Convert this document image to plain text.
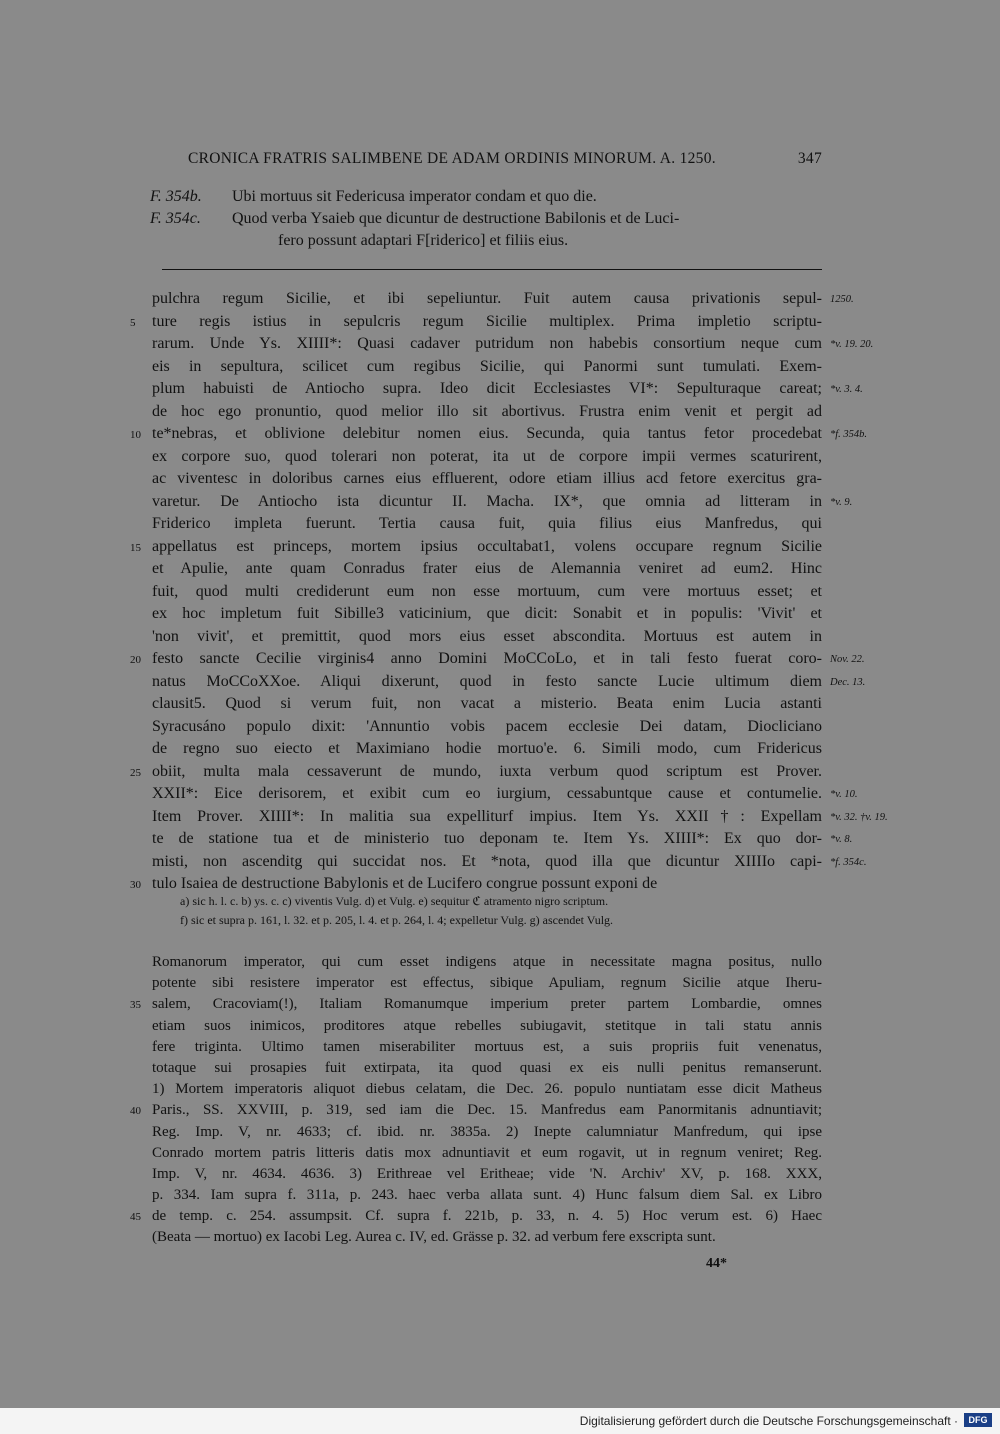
CRONICA FRATRIS SALIMBENE DE ADAM ORDINIS MINORUM. A. 1250.	347
F. 354b.	Ubi mortuus sit Federicusa imperator condam et quo die.
F. 354c.	Quod verba Ysaieb que dicuntur de destructione Babilonis et de Luci-
fero possunt adaptari F[riderico] et filiis eius.
pulchra regum Sicilie, et ibi sepeliuntur. Fuit autem causa privationis sepul- 1250.
ture regis istius in sepulcris regum Sicilie multiplex. Prima impletio scriptu-
5
rarum. Unde Ys. XIIII*: Quasi cadaver putridum non habebis consortium neque cum *v. 19. 20.
eis in sepultura, scilicet cum regibus Sicilie, qui Panormi sunt tumulati. Exem-
plum habuisti de Antiocho supra. Ideo dicit Ecclesiastes VI*: Sepulturaque careat; *v. 3. 4.
de hoc ego pronuntio, quod melior illo sit abortivus. Frustra enim venit et pergit ad
te*nebras, et oblivione delebitur nomen eius. Secunda, quia tantus fetor procedebat
10	*f. 354b.
ex corpore suo, quod tolerari non poterat, ita ut de corpore impii vermes scaturirent,
ac viventesc in doloribus carnes eius effluerent, odore etiam illius acd fetore exercitus gra-
varetur. De Antiocho ista dicuntur II. Macha. IX*, que omnia ad litteram in *v. 9.
Friderico impleta fuerunt. Tertia causa fuit, quia filius eius Manfredus, qui
appellatus est princeps, mortem ipsius occultabat1, volens occupare regnum Sicilie
15
et Apulie, ante quam Conradus frater eius de Alemannia veniret ad eum2. Hinc
fuit, quod multi crediderunt eum non esse mortuum, cum vere mortuus esset; et
ex hoc impletum fuit Sibille3 vaticinium, que dicit: Sonabit et in populis: 'Vivit' et
'non vivit', et premittit, quod mors eius esset abscondita. Mortuus est autem in
festo sancte Cecilie virginis4 anno Domini MoCCoLo, et in tali festo fuerat coro-
20	Nov. 22.
natus MoCCoXXoe. Aliqui dixerunt, quod in festo sancte Lucie ultimum diem Dec. 13.
clausit5. Quod si verum fuit, non vacat a misterio. Beata enim Lucia astanti
Syracusáno populo dixit: 'Annuntio vobis pacem ecclesie Dei datam, Diocliciano
de regno suo eiecto et Maximiano hodie mortuo'e. 6. Simili modo, cum Fridericus
obiit, multa mala cessaverunt de mundo, iuxta verbum quod scriptum est Prover.
25
XXII*: Eice derisorem, et exibit cum eo iurgium, cessabuntque cause et contumelie. *v. 10.
Item Prover. XIIII*: In malitia sua expelliturf impius. Item Ys. XXII†: Expellam *v. 32. †v. 19.
te de statione tua et de ministerio tuo deponam te. Item Ys. XIIII*: Ex quo dor- *v. 8.
misti, non ascenditg qui succidat nos. Et *nota, quod illa que dicuntur XIIIIo capi- *f. 354c.
tulo Isaiea de destructione Babylonis et de Lucifero congrue possunt exponi de
30
a) sic h. l. c. b) ys. c. c) viventis Vulg. d) et Vulg. e) sequitur ℭ atramento nigro scriptum.
f) sic et supra p. 161, l. 32. et p. 205, l. 4. et p. 264, l. 4; expelletur Vulg. g) ascendet Vulg.
Romanorum imperator, qui cum esset indigens atque in necessitate magna positus, nullo
potente sibi resistere imperator est effectus, sibique Apuliam, regnum Sicilie atque Iheru-
salem, Cracoviam(!), Italiam Romanumque imperium preter partem Lombardie, omnes
35
etiam suos inimicos, proditores atque rebelles subiugavit, stetitque in tali statu annis
fere triginta. Ultimo tamen miserabiliter mortuus est, a suis propriis fuit venenatus,
totaque sui prosapies fuit extirpata, ita quod quasi ex eis nulli penitus remanserunt.
1) Mortem imperatoris aliquot diebus celatam, die Dec. 26. populo nuntiatam esse dicit Matheus
Paris., SS. XXVIII, p. 319, sed iam die Dec. 15. Manfredus eam Panormitanis adnuntiavit;
40
Reg. Imp. V, nr. 4633; cf. ibid. nr. 3835a. 2) Inepte calumniatur Manfredum, qui ipse
Conrado mortem patris litteris datis mox adnuntiavit et eum rogavit, ut in regnum veniret; Reg.
Imp. V, nr. 4634. 4636. 3) Erithreae vel Eritheae; vide 'N. Archiv' XV, p. 168. XXX,
p. 334. Iam supra f. 311a, p. 243. haec verba allata sunt. 4) Hunc falsum diem Sal. ex Libro
de temp. c. 254. assumpsit. Cf. supra f. 221b, p. 33, n. 4. 5) Hoc verum est. 6) Haec
45
(Beata — mortuo) ex Iacobi Leg. Aurea c. IV, ed. Grässe p. 32. ad verbum fere exscripta sunt.
44*
Digitalisierung gefördert durch die Deutsche Forschungsgemeinschaft ·	DFG
